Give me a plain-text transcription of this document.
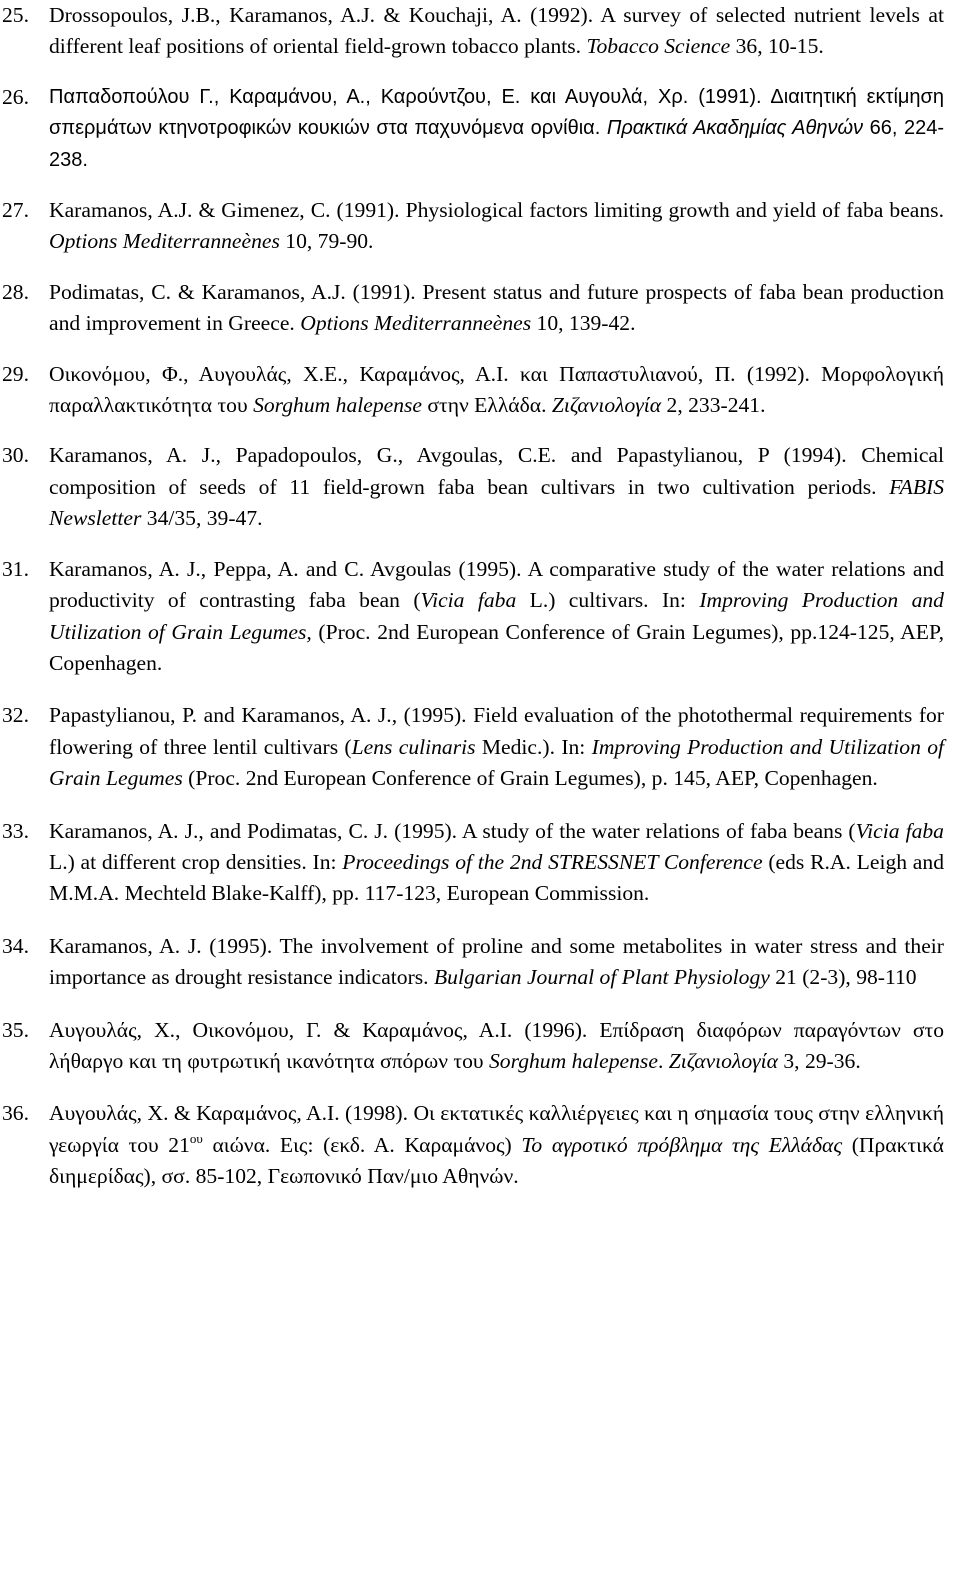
25. Drossopoulos, J.B., Karamanos, A.J. & Kouchaji, A. (1992). A survey of selected nutrient levels at different leaf positions of oriental field-grown tobacco plants. Tobacco Science 36, 10-15.
26.	Παπαδοπούλου Γ., Καραμάνου, Α., Καρούντζου, Ε. και Αυγουλά, Χρ. (1991). Διαιτητική εκτίμηση σπερμάτων κτηνοτροφικών κουκιών στα παχυνόμενα ορνίθια. Πρακτικά Ακαδημίας Αθηνών 66, 224-238.
27. Karamanos, A.J. & Gimenez, C. (1991). Physiological factors limiting growth and yield of faba beans. Options Mediterranneènes 10, 79-90.
28. Podimatas, C. & Karamanos, A.J. (1991). Present status and future prospects of faba bean production and improvement in Greece. Options Mediterranneènes 10, 139-42.
29. Οικονόμου, Φ., Αυγουλάς, Χ.Ε., Καραμάνος, Α.Ι. και Παπαστυλιανού, Π. (1992). Μορφολογική παραλλακτικότητα του Sorghum halepense στην Ελλάδα. Ζιζανιολογία 2, 233-241.
30. Karamanos, A. J., Papadopoulos, G., Avgoulas, C.E. and Papastylianou, P (1994). Chemical composition of seeds of 11 field-grown faba bean cultivars in two cultivation periods. FABIS Newsletter 34/35, 39-47.
31. Karamanos, A. J., Peppa, A. and C. Avgoulas (1995). A comparative study of the water relations and productivity of contrasting faba bean (Vicia faba L.) cultivars. In: Improving Production and Utilization of Grain Legumes, (Proc. 2nd European Conference of Grain Legumes), pp.124-125, AEP, Copenhagen.
32. Papastylianou, P. and Karamanos, A. J., (1995). Field evaluation of the photothermal requirements for flowering of three lentil cultivars (Lens culinaris Medic.). In: Improving Production and Utilization of Grain Legumes (Proc. 2nd European Conference of Grain Legumes), p. 145, AEP, Copenhagen.
33. Karamanos, A. J., and Podimatas, C. J. (1995). A study of the water relations of faba beans (Vicia faba L.) at different crop densities. In: Proceedings of the 2nd STRESSNET Conference (eds R.A. Leigh and M.M.A. Mechteld Blake-Kalff), pp. 117-123, European Commission.
34. Karamanos, A. J. (1995). The involvement of proline and some metabolites in water stress and their importance as drought resistance indicators. Bulgarian Journal of Plant Physiology 21 (2-3), 98-110
35. Αυγουλάς, Χ., Οικονόμου, Γ. & Καραμάνος, Α.Ι. (1996). Επίδραση διαφόρων παραγόντων στο λήθαργο και τη φυτρωτική ικανότητα σπόρων του Sorghum halepense. Ζιζανιολογία 3, 29-36.
36. Αυγουλάς, Χ. & Καραμάνος, Α.Ι. (1998). Οι εκτατικές καλλιέργειες και η σημασία τους στην ελληνική γεωργία του $21^{o\upsilon}$ αιώνα. Εις: (εκδ. Α. Καραμάνος) Το αγροτικό πρόβλημα της Ελλάδας (Πρακτικά διημερίδας), σσ. 85-102, Γεωπονικό Παν/μιο Αθηνών.
